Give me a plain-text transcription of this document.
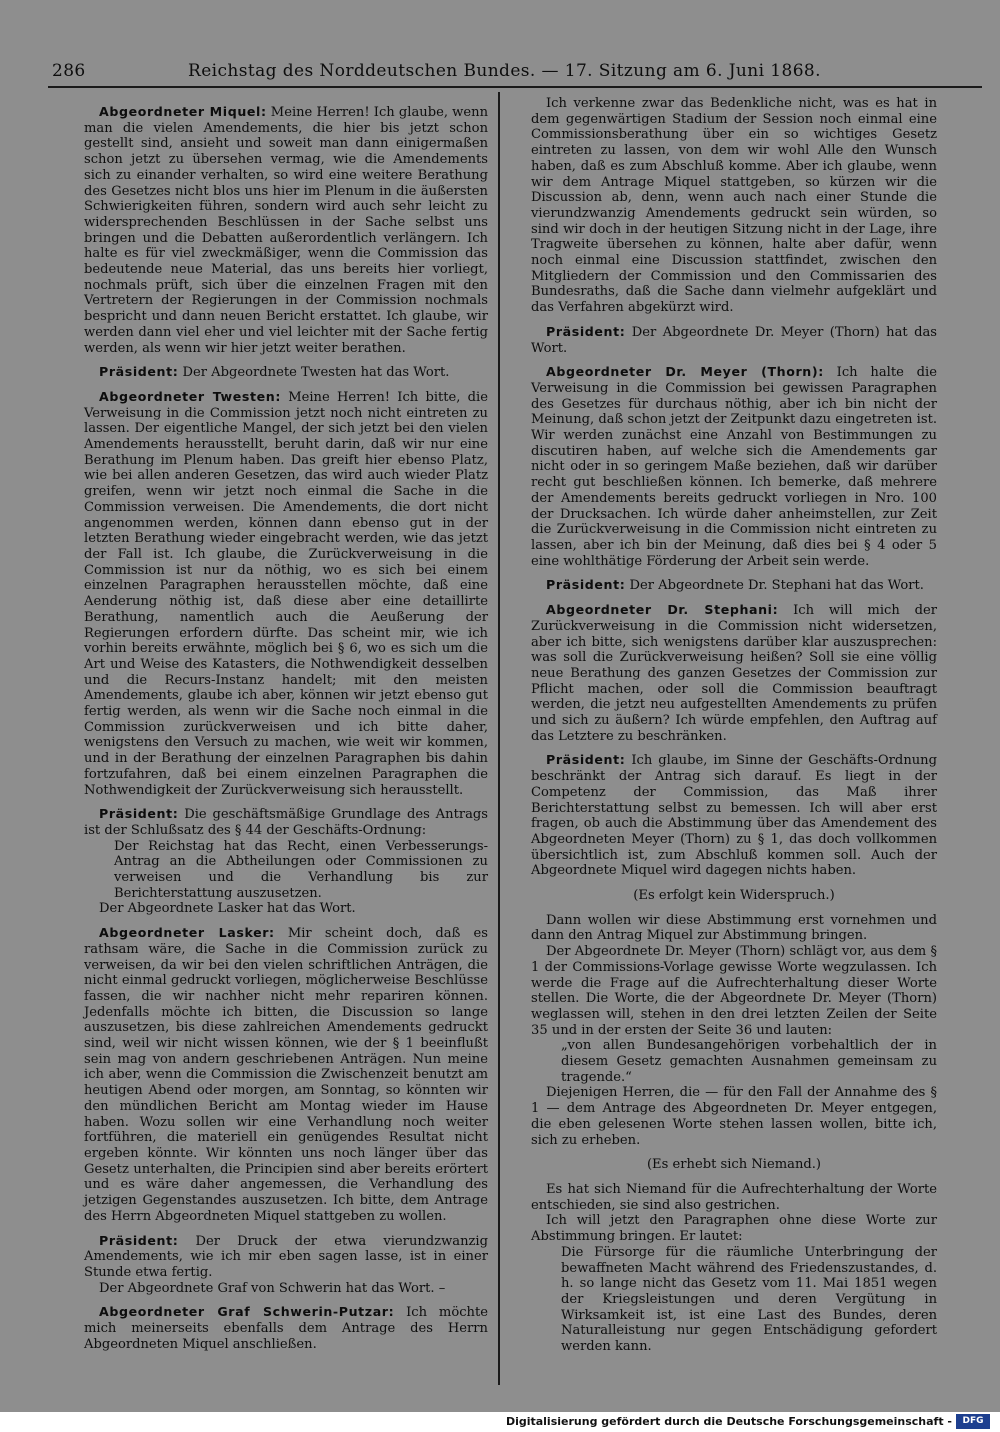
286	Reichstag des Norddeutschen Bundes. — 17. Sitzung am 6. Juni 1868.

Abgeordneter Miquel: Meine Herren! Ich glaube, wenn man die vielen Amendements, die hier bis jetzt schon gestellt sind, ansieht und soweit man dann einigermaßen schon jetzt zu übersehen vermag, wie die Amendements sich zu einander verhalten, so wird eine weitere Berathung des Gesetzes nicht blos uns hier im Plenum in die äußersten Schwierigkeiten führen, sondern wird auch sehr leicht zu widersprechenden Beschlüssen in der Sache selbst uns bringen und die Debatten außerordentlich verlängern. Ich halte es für viel zweckmäßiger, wenn die Commission das bedeutende neue Material, das uns bereits hier vorliegt, nochmals prüft, sich über die einzelnen Fragen mit den Vertretern der Regierungen in der Commission nochmals bespricht und dann neuen Bericht erstattet. Ich glaube, wir werden dann viel eher und viel leichter mit der Sache fertig werden, als wenn wir hier jetzt weiter berathen.

Präsident: Der Abgeordnete Twesten hat das Wort.

Abgeordneter Twesten: Meine Herren! Ich bitte, die Verweisung in die Commission jetzt noch nicht eintreten zu lassen. Der eigentliche Mangel, der sich jetzt bei den vielen Amendements herausstellt, beruht darin, daß wir nur eine Berathung im Plenum haben. Das greift hier ebenso Platz, wie bei allen anderen Gesetzen, das wird auch wieder Platz greifen, wenn wir jetzt noch einmal die Sache in die Commission verweisen. Die Amendements, die dort nicht angenommen werden, können dann ebenso gut in der letzten Berathung wieder eingebracht werden, wie das jetzt der Fall ist. Ich glaube, die Zurückverweisung in die Commission ist nur da nöthig, wo es sich bei einem einzelnen Paragraphen herausstellen möchte, daß eine Aenderung nöthig ist, daß diese aber eine detaillirte Berathung, namentlich auch die Aeußerung der Regierungen erfordern dürfte. Das scheint mir, wie ich vorhin bereits erwähnte, möglich bei § 6, wo es sich um die Art und Weise des Katasters, die Nothwendigkeit desselben und die Recurs-Instanz handelt; mit den meisten Amendements, glaube ich aber, können wir jetzt ebenso gut fertig werden, als wenn wir die Sache noch einmal in die Commission zurückverweisen und ich bitte daher, wenigstens den Versuch zu machen, wie weit wir kommen, und in der Berathung der einzelnen Paragraphen bis dahin fortzufahren, daß bei einem einzelnen Paragraphen die Nothwendigkeit der Zurückverweisung sich herausstellt.

Präsident: Die geschäftsmäßige Grundlage des Antrags ist der Schlußsatz des § 44 der Geschäfts-Ordnung:

Der Reichstag hat das Recht, einen Verbesserungs-Antrag an die Abtheilungen oder Commissionen zu verweisen und die Verhandlung bis zur Berichterstattung auszusetzen.

Der Abgeordnete Lasker hat das Wort.

Abgeordneter Lasker: Mir scheint doch, daß es rathsam wäre, die Sache in die Commission zurück zu verweisen, da wir bei den vielen schriftlichen Anträgen, die nicht einmal gedruckt vorliegen, möglicherweise Beschlüsse fassen, die wir nachher nicht mehr repariren können. Jedenfalls möchte ich bitten, die Discussion so lange auszusetzen, bis diese zahlreichen Amendements gedruckt sind, weil wir nicht wissen können, wie der § 1 beeinflußt sein mag von andern geschriebenen Anträgen. Nun meine ich aber, wenn die Commission die Zwischenzeit benutzt am heutigen Abend oder morgen, am Sonntag, so könnten wir den mündlichen Bericht am Montag wieder im Hause haben. Wozu sollen wir eine Verhandlung noch weiter fortführen, die materiell ein genügendes Resultat nicht ergeben könnte. Wir könnten uns noch länger über das Gesetz unterhalten, die Principien sind aber bereits erörtert und es wäre daher angemessen, die Verhandlung des jetzigen Gegenstandes auszusetzen. Ich bitte, dem Antrage des Herrn Abgeordneten Miquel stattgeben zu wollen.

Präsident: Der Druck der etwa vierundzwanzig Amendements, wie ich mir eben sagen lasse, ist in einer Stunde etwa fertig.

Der Abgeordnete Graf von Schwerin hat das Wort. –

Abgeordneter Graf Schwerin-Putzar: Ich möchte mich meinerseits ebenfalls dem Antrage des Herrn Abgeordneten Miquel anschließen.

Ich verkenne zwar das Bedenkliche nicht, was es hat in dem gegenwärtigen Stadium der Session noch einmal eine Commissionsberathung über ein so wichtiges Gesetz eintreten zu lassen, von dem wir wohl Alle den Wunsch haben, daß es zum Abschluß komme. Aber ich glaube, wenn wir dem Antrage Miquel stattgeben, so kürzen wir die Discussion ab, denn, wenn auch nach einer Stunde die vierundzwanzig Amendements gedruckt sein würden, so sind wir doch in der heutigen Sitzung nicht in der Lage, ihre Tragweite übersehen zu können, halte aber dafür, wenn noch einmal eine Discussion stattfindet, zwischen den Mitgliedern der Commission und den Commissarien des Bundesraths, daß die Sache dann vielmehr aufgeklärt und das Verfahren abgekürzt wird.

Präsident: Der Abgeordnete Dr. Meyer (Thorn) hat das Wort.

Abgeordneter Dr. Meyer (Thorn): Ich halte die Verweisung in die Commission bei gewissen Paragraphen des Gesetzes für durchaus nöthig, aber ich bin nicht der Meinung, daß schon jetzt der Zeitpunkt dazu eingetreten ist. Wir werden zunächst eine Anzahl von Bestimmungen zu discutiren haben, auf welche sich die Amendements gar nicht oder in so geringem Maße beziehen, daß wir darüber recht gut beschließen können. Ich bemerke, daß mehrere der Amendements bereits gedruckt vorliegen in Nro. 100 der Drucksachen. Ich würde daher anheimstellen, zur Zeit die Zurückverweisung in die Commission nicht eintreten zu lassen, aber ich bin der Meinung, daß dies bei § 4 oder 5 eine wohlthätige Förderung der Arbeit sein werde.

Präsident: Der Abgeordnete Dr. Stephani hat das Wort.

Abgeordneter Dr. Stephani: Ich will mich der Zurückverweisung in die Commission nicht widersetzen, aber ich bitte, sich wenigstens darüber klar auszusprechen: was soll die Zurückverweisung heißen? Soll sie eine völlig neue Berathung des ganzen Gesetzes der Commission zur Pflicht machen, oder soll die Commission beauftragt werden, die jetzt neu aufgestellten Amendements zu prüfen und sich zu äußern? Ich würde empfehlen, den Auftrag auf das Letztere zu beschränken.

Präsident: Ich glaube, im Sinne der Geschäfts-Ordnung beschränkt der Antrag sich darauf. Es liegt in der Competenz der Commission, das Maß ihrer Berichterstattung selbst zu bemessen. Ich will aber erst fragen, ob auch die Abstimmung über das Amendement des Abgeordneten Meyer (Thorn) zu § 1, das doch vollkommen übersichtlich ist, zum Abschluß kommen soll. Auch der Abgeordnete Miquel wird dagegen nichts haben.

(Es erfolgt kein Widerspruch.)

Dann wollen wir diese Abstimmung erst vornehmen und dann den Antrag Miquel zur Abstimmung bringen.

Der Abgeordnete Dr. Meyer (Thorn) schlägt vor, aus dem § 1 der Commissions-Vorlage gewisse Worte wegzulassen. Ich werde die Frage auf die Aufrechterhaltung dieser Worte stellen. Die Worte, die der Abgeordnete Dr. Meyer (Thorn) weglassen will, stehen in den drei letzten Zeilen der Seite 35 und in der ersten der Seite 36 und lauten:

„von allen Bundesangehörigen vorbehaltlich der in diesem Gesetz gemachten Ausnahmen gemeinsam zu tragende.“

Diejenigen Herren, die — für den Fall der Annahme des § 1 — dem Antrage des Abgeordneten Dr. Meyer entgegen, die eben gelesenen Worte stehen lassen wollen, bitte ich, sich zu erheben.

(Es erhebt sich Niemand.)

Es hat sich Niemand für die Aufrechterhaltung der Worte entschieden, sie sind also gestrichen.

Ich will jetzt den Paragraphen ohne diese Worte zur Abstimmung bringen. Er lautet:

Die Fürsorge für die räumliche Unterbringung der bewaffneten Macht während des Friedenszustandes, d. h. so lange nicht das Gesetz vom 11. Mai 1851 wegen der Kriegsleistungen und deren Vergütung in Wirksamkeit ist, ist eine Last des Bundes, deren Naturalleistung nur gegen Entschädigung gefordert werden kann.

Digitalisierung gefördert durch die Deutsche Forschungsgemeinschaft -	DFG
